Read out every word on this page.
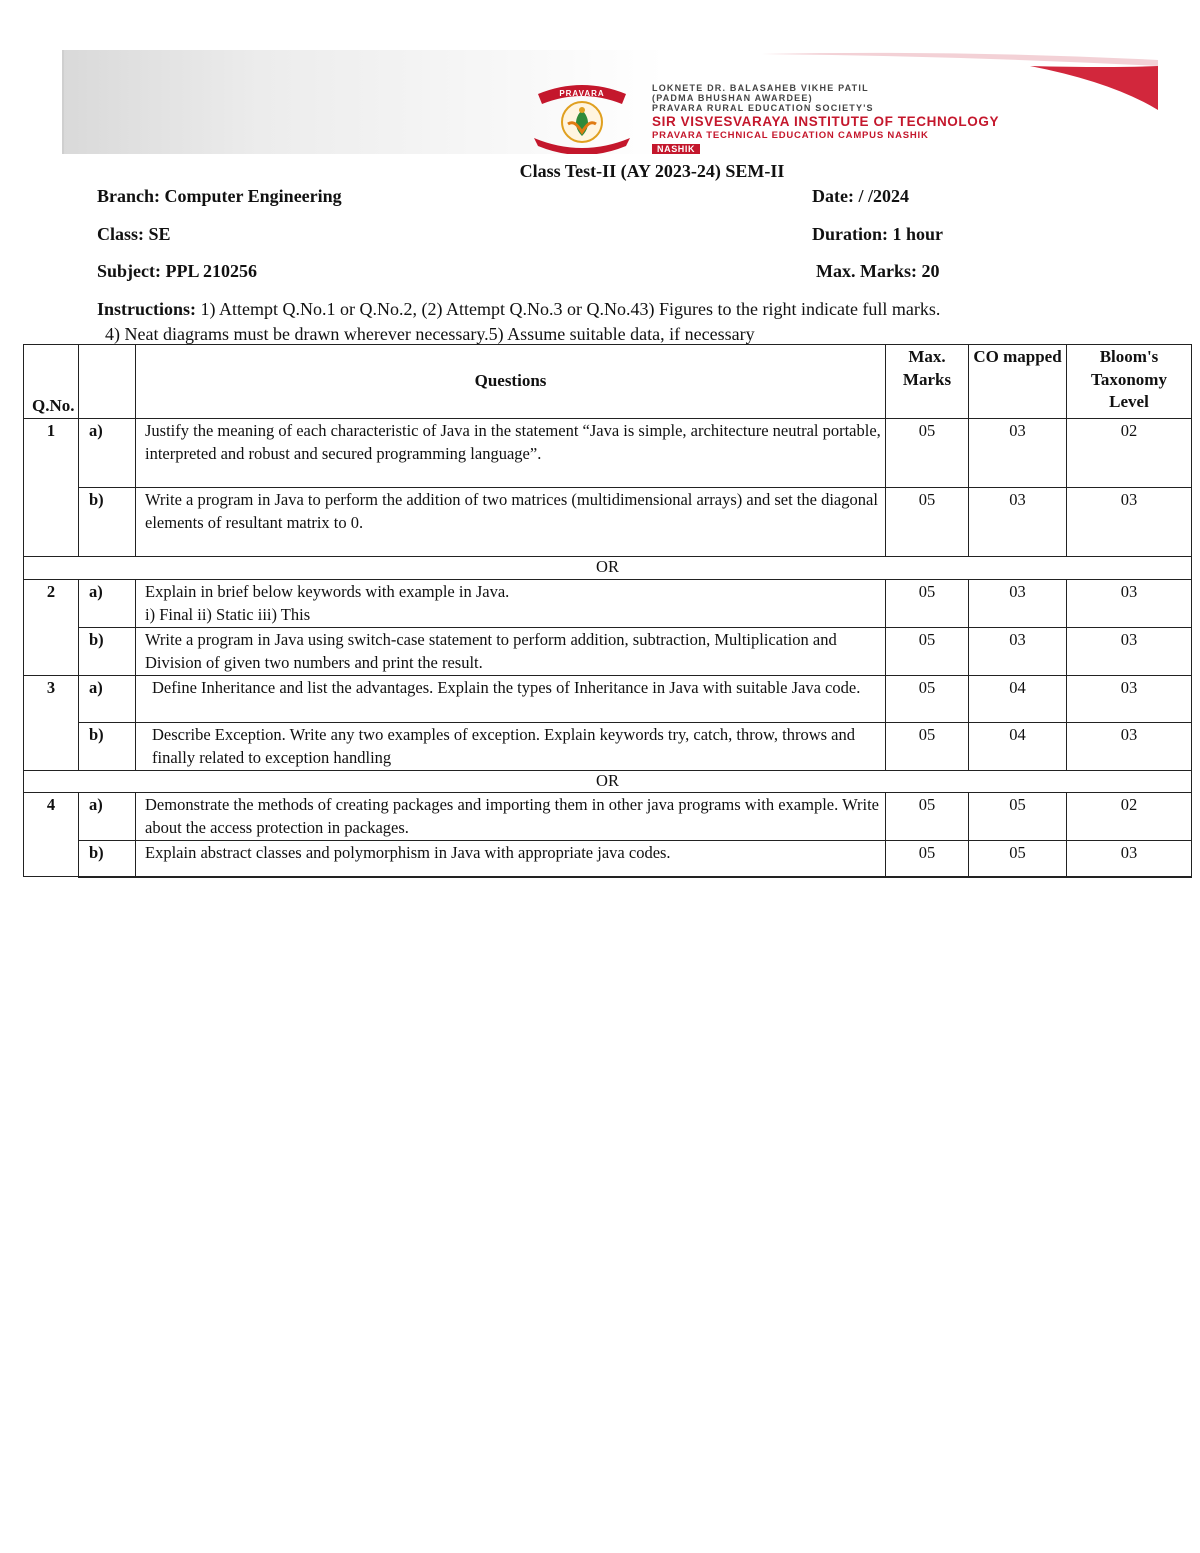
PRAVARA
LOKNETE DR. BALASAHEB VIKHE PATIL
(PADMA BHUSHAN AWARDEE)
PRAVARA RURAL EDUCATION SOCIETY'S
SIR VISVESVARAYA INSTITUTE OF TECHNOLOGY
PRAVARA TECHNICAL EDUCATION CAMPUS NASHIK
NASHIK
Class Test-II (AY 2023-24) SEM-II
Branch: Computer Engineering	Date: / /2024
Class: SE	Duration: 1 hour
Subject: PPL 210256	Max. Marks: 20
Instructions: 1) Attempt Q.No.1 or Q.No.2, (2) Attempt Q.No.3 or Q.No.43) Figures to the right indicate full marks.
4) Neat diagrams must be drawn wherever necessary.5) Assume suitable data, if necessary
Q.No.		Questions	Max. Marks	CO mapped	Bloom's Taxonomy Level
1	a)	Justify the meaning of each characteristic of Java in the statement “Java is simple, architecture neutral portable, interpreted and robust and secured programming language”.	05	03	02
	b)	Write a program in Java to perform the addition of two matrices (multidimensional arrays) and set the diagonal elements of resultant matrix to 0.	05	03	03
OR					
2	a)	Explain in brief below keywords with example in Java.
i) Final ii) Static iii) This	05	03	03
	b)	Write a program in Java using switch-case statement to perform addition, subtraction, Multiplication and Division of given two numbers and print the result.	05	03	03
3	a)	Define Inheritance and list the advantages. Explain the types of Inheritance in Java with suitable Java code.	05	04	03
	b)	Describe Exception. Write any two examples of exception. Explain keywords try, catch, throw, throws and finally related to exception handling	05	04	03
OR					
4	a)	Demonstrate the methods of creating packages and importing them in other java programs with example. Write about the access protection in packages.	05	05	02
	b)	Explain abstract classes and polymorphism in Java with appropriate java codes.	05	05	03
